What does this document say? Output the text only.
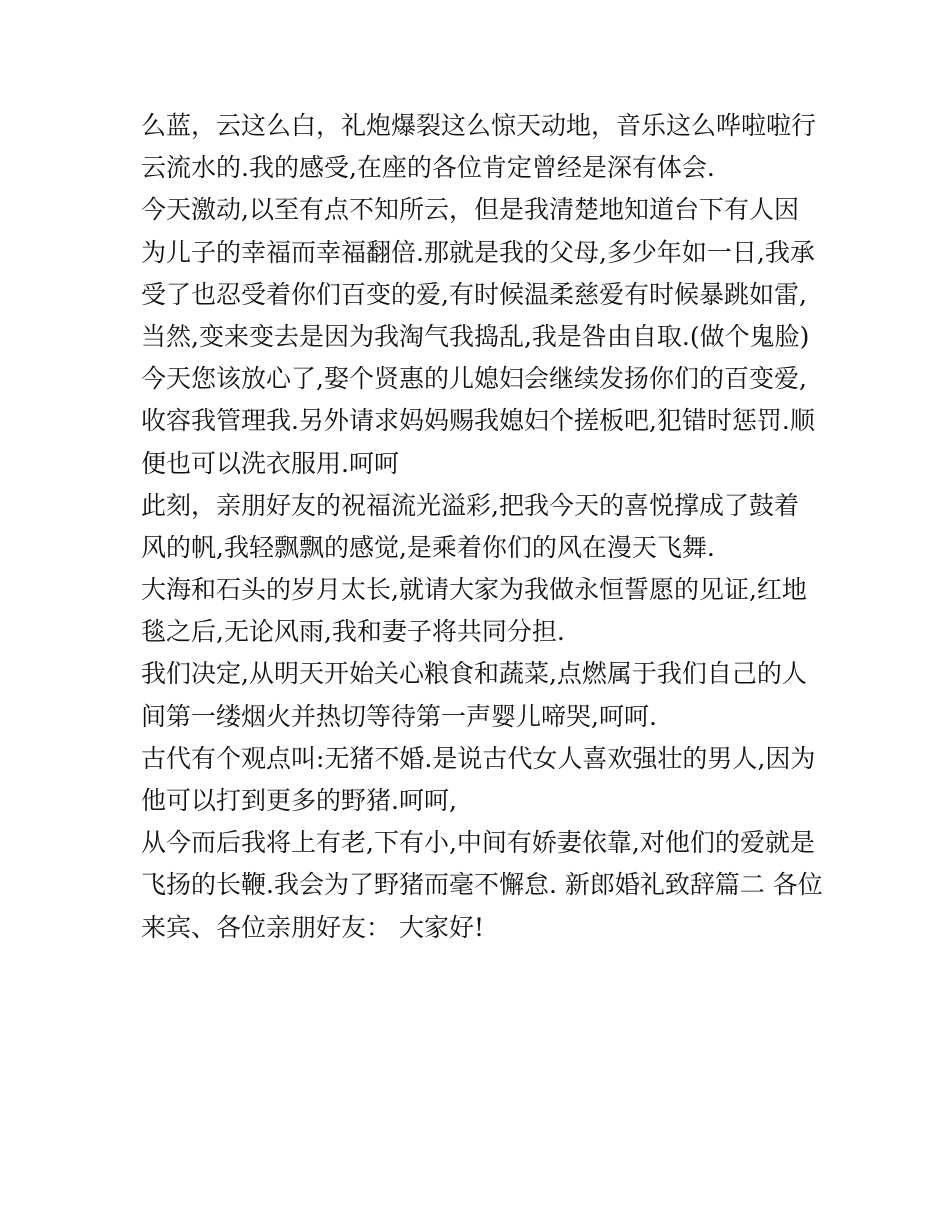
么蓝，云这么白，礼炮爆裂这么惊天动地，音乐这么哗啦啦行
云流水的.我的感受,在座的各位肯定曾经是深有体会.
今天激动,以至有点不知所云，但是我清楚地知道台下有人因
为儿子的幸福而幸福翻倍.那就是我的父母,多少年如一日,我承
受了也忍受着你们百变的爱,有时候温柔慈爱有时候暴跳如雷,
当然,变来变去是因为我淘气我捣乱,我是咎由自取.(做个鬼脸)
今天您该放心了,娶个贤惠的儿媳妇会继续发扬你们的百变爱,
收容我管理我.另外请求妈妈赐我媳妇个搓板吧,犯错时惩罚.顺
便也可以洗衣服用.呵呵
此刻，亲朋好友的祝福流光溢彩,把我今天的喜悦撑成了鼓着
风的帆,我轻飘飘的感觉,是乘着你们的风在漫天飞舞.
大海和石头的岁月太长,就请大家为我做永恒誓愿的见证,红地
毯之后,无论风雨,我和妻子将共同分担.
我们决定,从明天开始关心粮食和蔬菜,点燃属于我们自己的人
间第一缕烟火并热切等待第一声婴儿啼哭,呵呵.
古代有个观点叫:无猪不婚.是说古代女人喜欢强壮的男人,因为
他可以打到更多的野猪.呵呵,
从今而后我将上有老,下有小,中间有娇妻依靠,对他们的爱就是
飞扬的长鞭.我会为了野猪而毫不懈怠. 新郎婚礼致辞篇二 各位
来宾、各位亲朋好友： 大家好!
